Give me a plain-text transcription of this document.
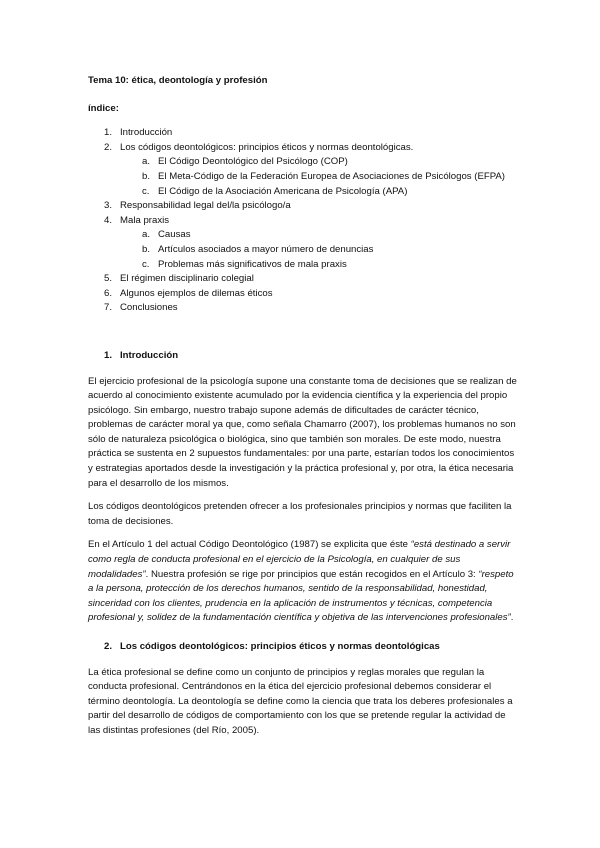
Tema 10: ética, deontología y profesión
índice:
1. Introducción
2. Los códigos deontológicos: principios éticos y normas deontológicas.
a. El Código Deontológico del Psicólogo (COP)
b. El Meta-Código de la Federación Europea de Asociaciones de Psicólogos (EFPA)
c. El Código de la Asociación Americana de Psicología (APA)
3. Responsabilidad legal del/la psicólogo/a
4. Mala praxis
a. Causas
b. Artículos asociados a mayor número de denuncias
c. Problemas más significativos de mala praxis
5. El régimen disciplinario colegial
6. Algunos ejemplos de dilemas éticos
7. Conclusiones
1. Introducción

El ejercicio profesional de la psicología supone una constante toma de decisiones que se realizan de acuerdo al conocimiento existente acumulado por la evidencia científica y la experiencia del propio psicólogo. Sin embargo, nuestro trabajo supone además de dificultades de carácter técnico, problemas de carácter moral ya que, como señala Chamarro (2007), los problemas humanos no son sólo de naturaleza psicológica o biológica, sino que también son morales. De este modo, nuestra práctica se sustenta en 2 supuestos fundamentales: por una parte, estarían todos los conocimientos y estrategias aportados desde la investigación y la práctica profesional y, por otra, la ética necesaria para el desarrollo de los mismos.

Los códigos deontológicos pretenden ofrecer a los profesionales principios y normas que faciliten la toma de decisiones.

En el Artículo 1 del actual Código Deontológico (1987) se explicita que éste “está destinado a servir como regla de conducta profesional en el ejercicio de la Psicología, en cualquier de sus modalidades”. Nuestra profesión se rige por principios que están recogidos en el Artículo 3: “respeto a la persona, protección de los derechos humanos, sentido de la responsabilidad, honestidad, sinceridad con los clientes, prudencia en la aplicación de instrumentos y técnicas, competencia profesional y, solidez de la fundamentación científica y objetiva de las intervenciones profesionales”.

2. Los códigos deontológicos: principios éticos y normas deontológicas

La ética profesional se define como un conjunto de principios y reglas morales que regulan la conducta profesional. Centrándonos en la ética del ejercicio profesional debemos considerar el término deontología. La deontología se define como la ciencia que trata los deberes profesionales a partir del desarrollo de códigos de comportamiento con los que se pretende regular la actividad de las distintas profesiones (del Río, 2005).
